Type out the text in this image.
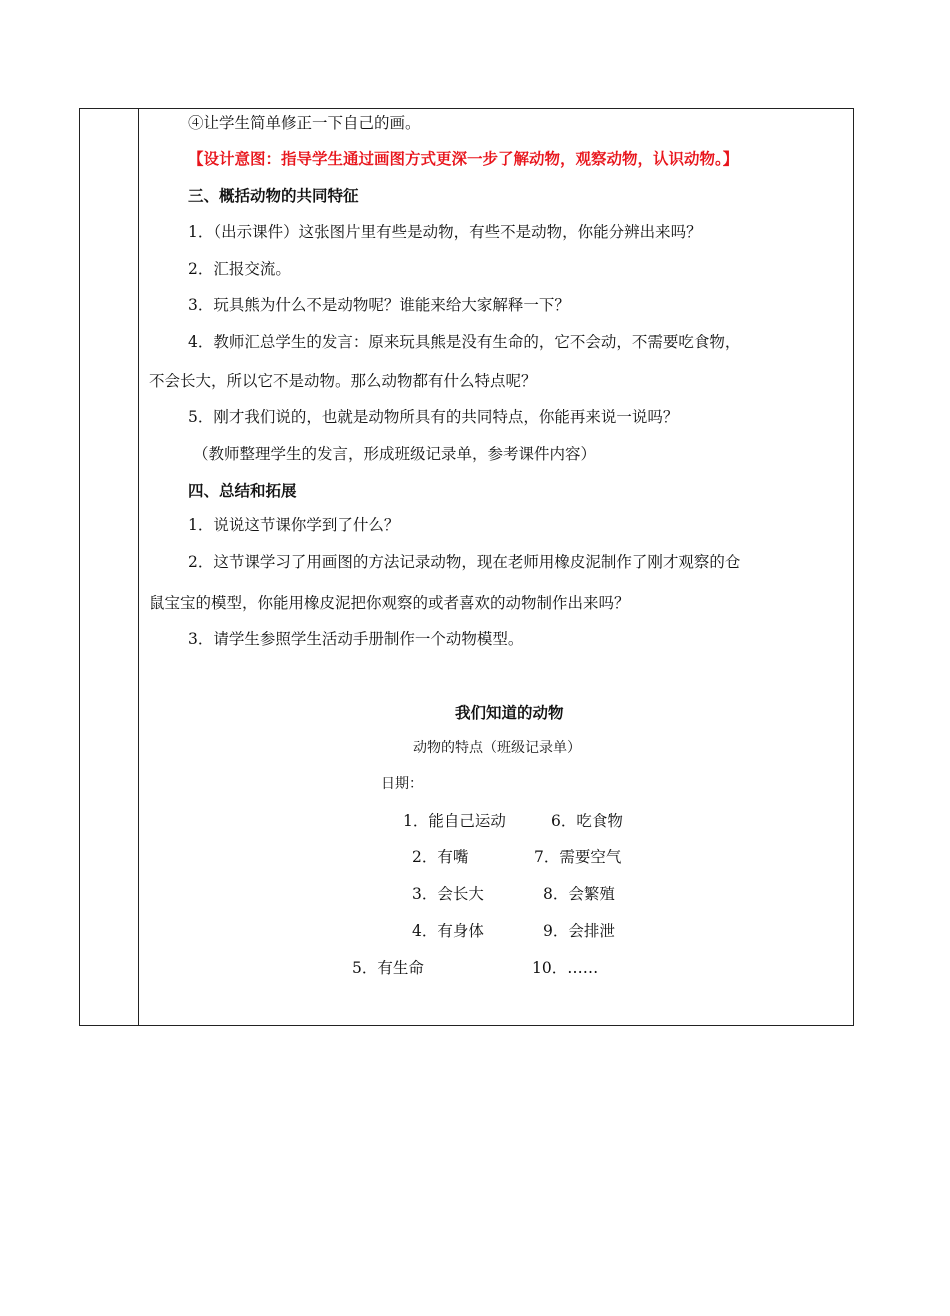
④让学生简单修正一下自己的画。
【设计意图：指导学生通过画图方式更深一步了解动物，观察动物，认识动物。】
三、概括动物的共同特征
1．（出示课件）这张图片里有些是动物，有些不是动物，你能分辨出来吗？
2．汇报交流。
3．玩具熊为什么不是动物呢？谁能来给大家解释一下？
4．教师汇总学生的发言：原来玩具熊是没有生命的，它不会动，不需要吃食物，
不会长大，所以它不是动物。那么动物都有什么特点呢？
5．刚才我们说的，也就是动物所具有的共同特点，你能再来说一说吗？
（教师整理学生的发言，形成班级记录单，参考课件内容）
四、总结和拓展
1．说说这节课你学到了什么？
2．这节课学习了用画图的方法记录动物，现在老师用橡皮泥制作了刚才观察的仓
鼠宝宝的模型，你能用橡皮泥把你观察的或者喜欢的动物制作出来吗？
3．请学生参照学生活动手册制作一个动物模型。
我们知道的动物
动物的特点（班级记录单）
日期：
1．能自己运动	6．吃食物
2．有嘴	7．需要空气
3．会长大	8．会繁殖
4．有身体	9．会排泄
5．有生命	10．……
